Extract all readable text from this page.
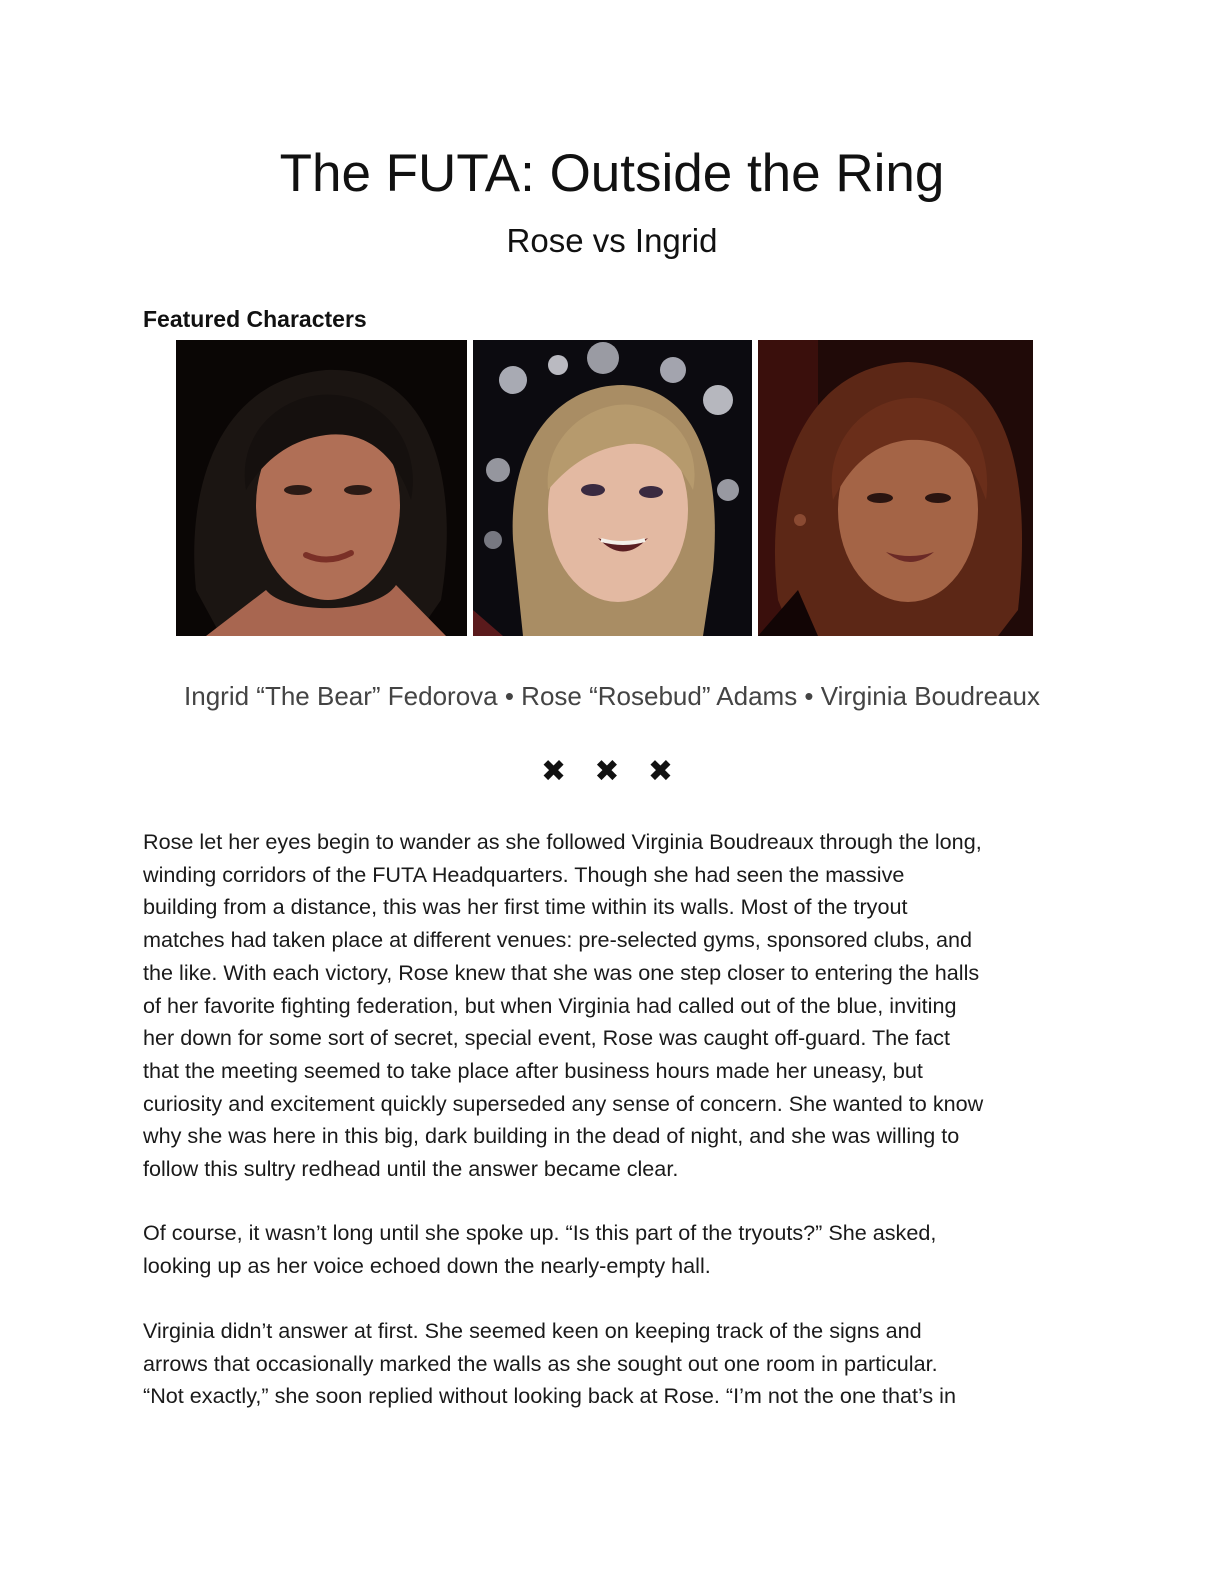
The FUTA: Outside the Ring
Rose vs Ingrid
Featured Characters
Ingrid “The Bear” Fedorova • Rose “Rosebud” Adams • Virginia Boudreaux
✖ ✖ ✖
Rose let her eyes begin to wander as she followed Virginia Boudreaux through the long,
winding corridors of the FUTA Headquarters. Though she had seen the massive
building from a distance, this was her first time within its walls. Most of the tryout
matches had taken place at different venues: pre-selected gyms, sponsored clubs, and
the like. With each victory, Rose knew that she was one step closer to entering the halls
of her favorite fighting federation, but when Virginia had called out of the blue, inviting
her down for some sort of secret, special event, Rose was caught off-guard. The fact
that the meeting seemed to take place after business hours made her uneasy, but
curiosity and excitement quickly superseded any sense of concern. She wanted to know
why she was here in this big, dark building in the dead of night, and she was willing to
follow this sultry redhead until the answer became clear.
Of course, it wasn’t long until she spoke up. “Is this part of the tryouts?” She asked,
looking up as her voice echoed down the nearly-empty hall.
Virginia didn’t answer at first. She seemed keen on keeping track of the signs and
arrows that occasionally marked the walls as she sought out one room in particular.
“Not exactly,” she soon replied without looking back at Rose. “I’m not the one that’s in
